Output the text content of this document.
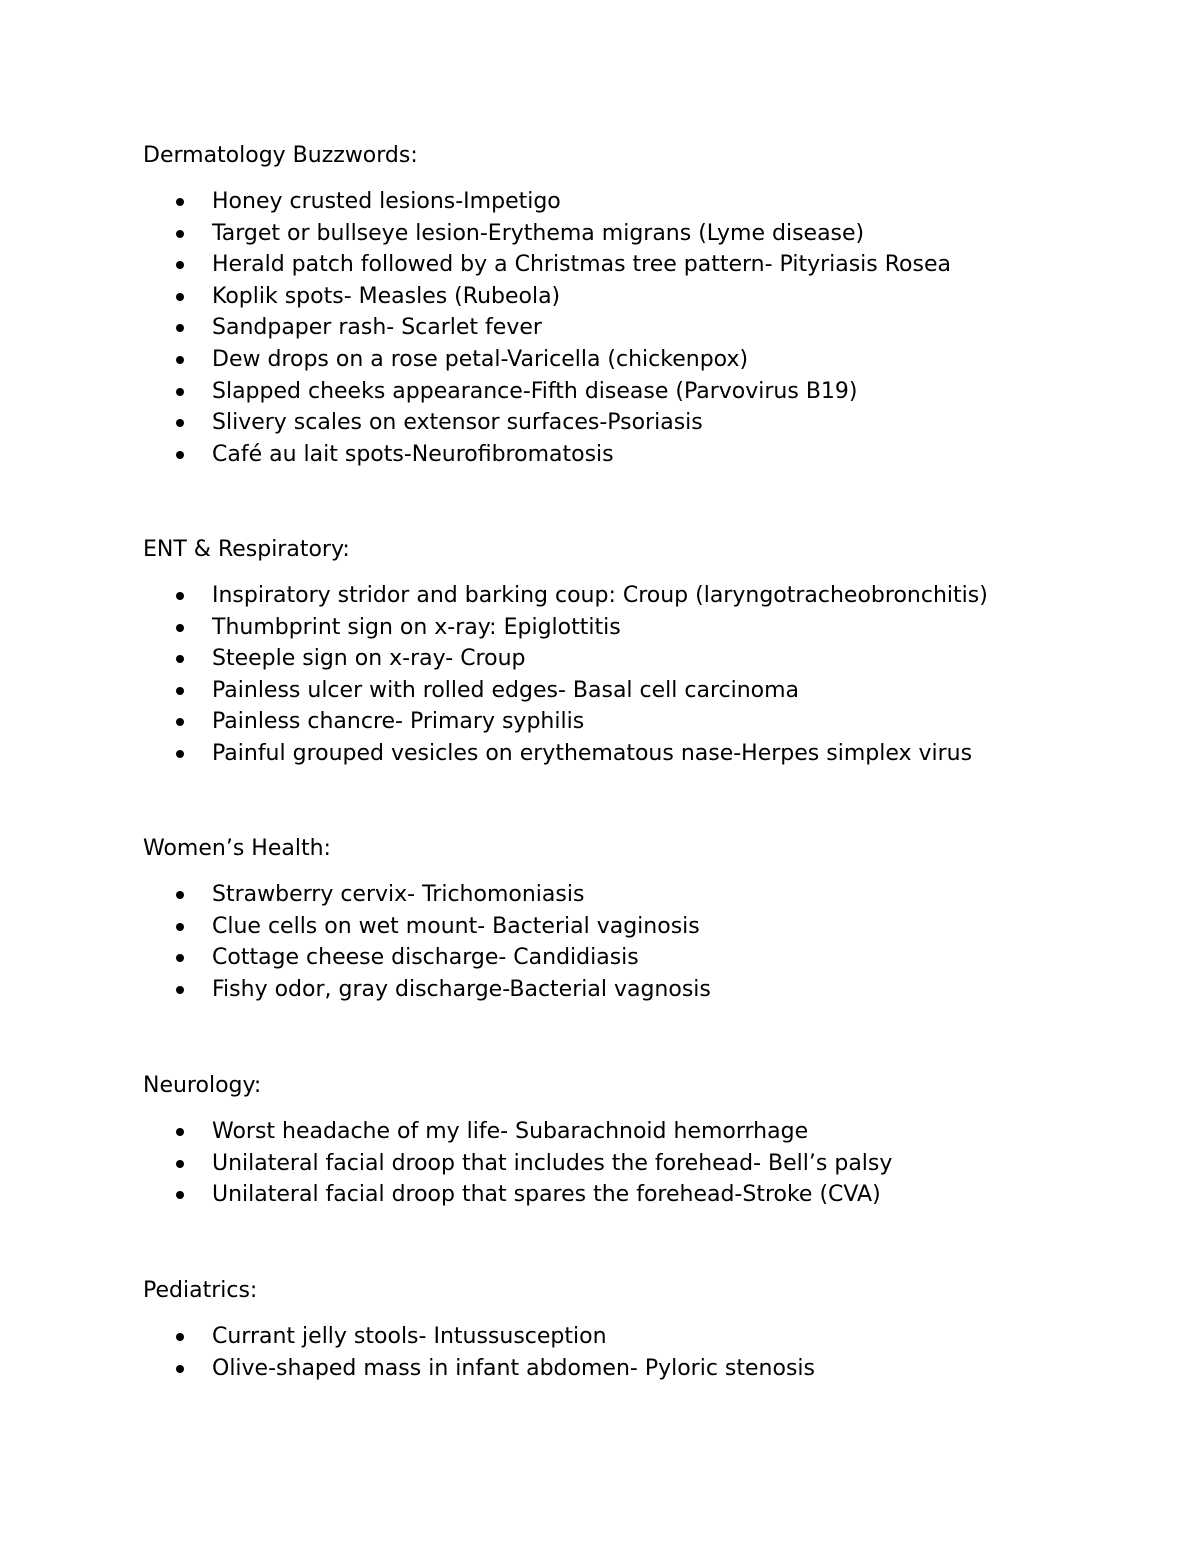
Dermatology Buzzwords:
Honey crusted lesions-Impetigo
Target or bullseye lesion-Erythema migrans (Lyme disease)
Herald patch followed by a Christmas tree pattern- Pityriasis Rosea
Koplik spots- Measles (Rubeola)
Sandpaper rash- Scarlet fever
Dew drops on a rose petal-Varicella (chickenpox)
Slapped cheeks appearance-Fifth disease (Parvovirus B19)
Slivery scales on extensor surfaces-Psoriasis
Café au lait spots-Neurofibromatosis
ENT & Respiratory:
Inspiratory stridor and barking coup: Croup (laryngotracheobronchitis)
Thumbprint sign on x-ray: Epiglottitis
Steeple sign on x-ray- Croup
Painless ulcer with rolled edges- Basal cell carcinoma
Painless chancre- Primary syphilis
Painful grouped vesicles on erythematous nase-Herpes simplex virus
Women’s Health:
Strawberry cervix- Trichomoniasis
Clue cells on wet mount- Bacterial vaginosis
Cottage cheese discharge- Candidiasis
Fishy odor, gray discharge-Bacterial vagnosis
Neurology:
Worst headache of my life- Subarachnoid hemorrhage
Unilateral facial droop that includes the forehead- Bell’s palsy
Unilateral facial droop that spares the forehead-Stroke (CVA)
Pediatrics:
Currant jelly stools- Intussusception
Olive-shaped mass in infant abdomen- Pyloric stenosis
